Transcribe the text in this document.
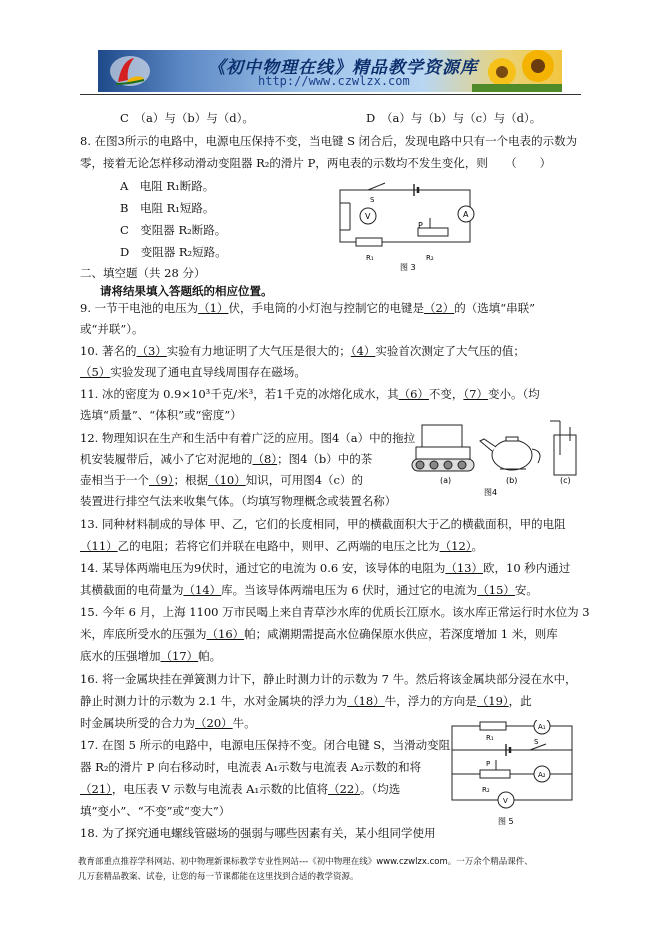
《初中物理在线》精品教学资源库
http://www.czwlzx.com
C　（a）与（b）与（d）。	D　（a）与（b）与（c）与（d）。
8. 在图3所示的电路中，电源电压保持不变，当电键 S 闭合后，发现电路中只有一个电表的示数为
零，接着无论怎样移动滑动变阻器 R₂的滑片 P，两电表的示数均不发生变化，则　　（　　）
A　电阻 R₁断路。
B　电阻 R₁短路。
C　变阻器 R₂断路。
D　变阻器 R₂短路。
V	A
S
P
R₁	R₂
图 3
二、填空题（共 28 分）
请将结果填入答题纸的相应位置。
9. 一节干电池的电压为（1）伏，手电筒的小灯泡与控制它的电键是（2）的（选填“串联”
或“并联”）。
10. 著名的（3）实验有力地证明了大气压是很大的；（4）实验首次测定了大气压的值；
（5）实验发现了通电直导线周围存在磁场。
11. 冰的密度为 0.9×10³千克/米³，若1千克的冰熔化成水，其（6）不变，（7）变小。（均
选填“质量”、“体积”或“密度”）
12. 物理知识在生产和生活中有着广泛的应用。图4（a）中的拖拉
机安装履带后，减小了它对泥地的（8）；图4（b）中的茶
壶相当于一个（9）；根据（10）知识，可用图4（c）的
装置进行排空气法来收集气体。（均填写物理概念或装置名称）
(a)	(b)	(c)
图4
13. 同种材料制成的导体 甲、乙，它们的长度相同，甲的横截面积大于乙的横截面积，甲的电阻
（11）乙的电阻；若将它们并联在电路中，则甲、乙两端的电压之比为（12）。
14. 某导体两端电压为9伏时，通过它的电流为 0.6 安，该导体的电阻为（13）欧，10 秒内通过
其横截面的电荷量为（14）库。当该导体两端电压为 6 伏时，通过它的电流为（15）安。
15. 今年 6 月，上海 1100 万市民喝上来自青草沙水库的优质长江原水。该水库正常运行时水位为 3
米，库底所受水的压强为（16）帕；咸潮期需提高水位确保原水供应，若深度增加 1 米，则库
底水的压强增加（17）帕。
16. 将一金属块挂在弹簧测力计下，静止时测力计的示数为 7 牛。然后将该金属块部分浸在水中，
静止时测力计的示数为 2.1 牛，水对金属块的浮力为（18）牛，浮力的方向是（19），此
时金属块所受的合力为（20）牛。
17. 在图 5 所示的电路中，电源电压保持不变。闭合电键 S，当滑动变阻
器 R₂的滑片 P 向右移动时，电流表 A₁示数与电流表 A₂示数的和将
（21），电压表 V 示数与电流表 A₁示数的比值将（22）。（均选
填“变小”、“不变”或“变大”）
A₁
A₂
V
R₁
R₂
S
P
图 5
18. 为了探究通电螺线管磁场的强弱与哪些因素有关，某小组同学使用
教育部重点推荐学科网站、初中物理新课标教学专业性网站---《初中物理在线》www.czwlzx.com。一万余个精品课件、
几万套精品教案、试卷，让您的每一节课都能在这里找到合适的教学资源。
